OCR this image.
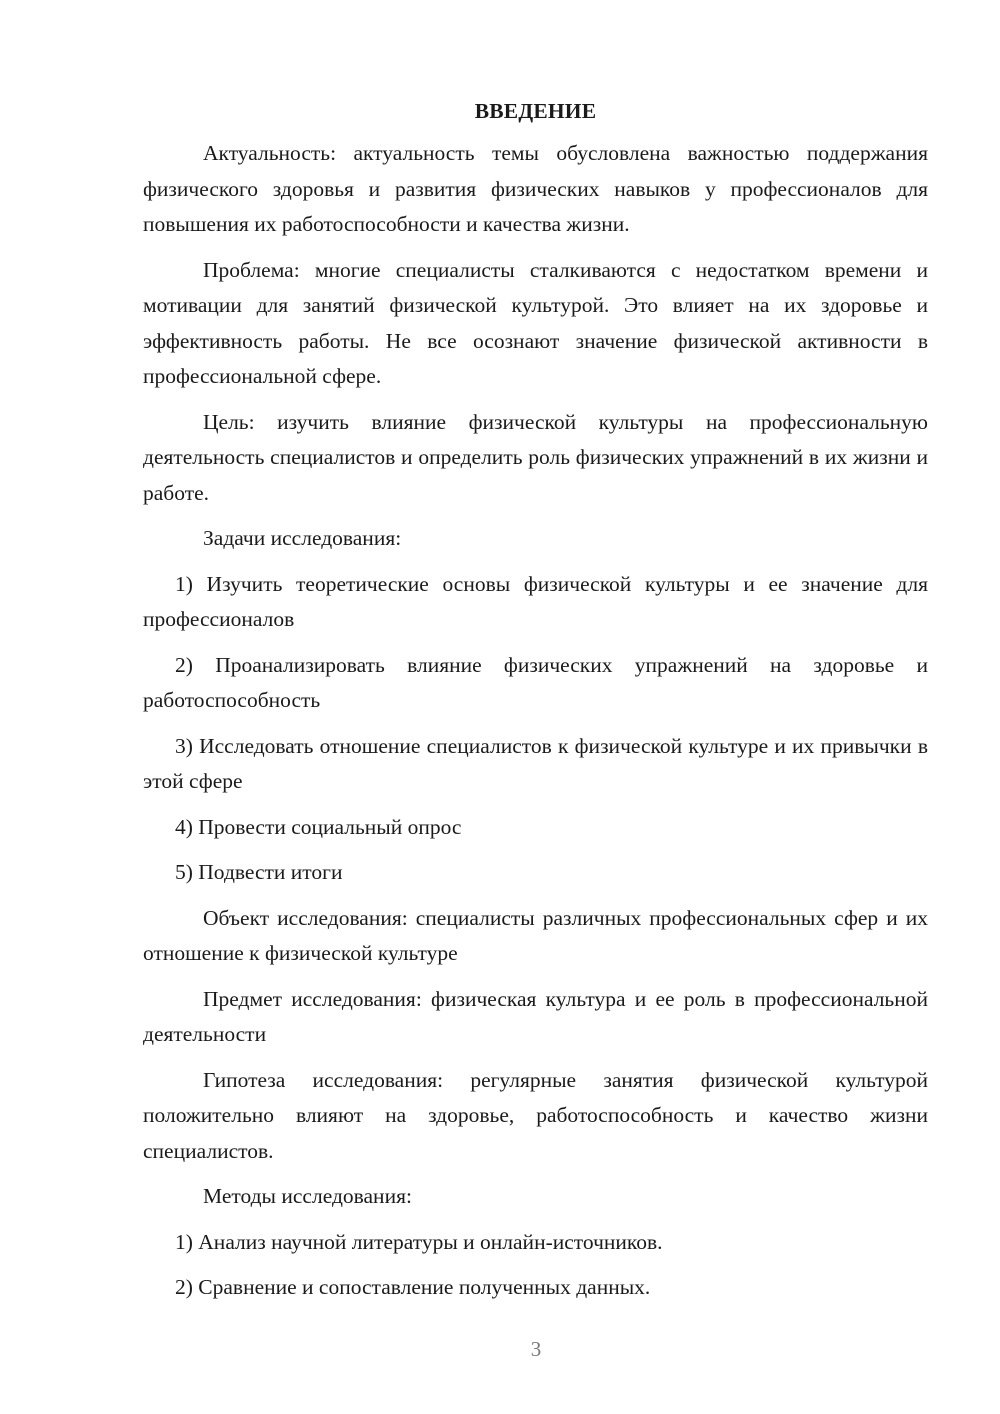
ВВЕДЕНИЕ

Актуальность: актуальность темы обусловлена важностью поддержания физического здоровья и развития физических навыков у профессионалов для повышения их работоспособности и качества жизни.

Проблема: многие специалисты сталкиваются с недостатком времени и мотивации для занятий физической культурой. Это влияет на их здоровье и эффективность работы. Не все осознают значение физической активности в профессиональной сфере.

Цель: изучить влияние физической культуры на профессиональную деятельность специалистов и определить роль физических упражнений в их жизни и работе.

Задачи исследования:

1) Изучить теоретические основы физической культуры и ее значение для профессионалов

2) Проанализировать влияние физических упражнений на здоровье и работоспособность

3) Исследовать отношение специалистов к физической культуре и их привычки в этой сфере

4) Провести социальный опрос

5) Подвести итоги

Объект исследования: специалисты различных профессиональных сфер и их отношение к физической культуре

Предмет исследования: физическая культура и ее роль в профессиональной деятельности

Гипотеза исследования: регулярные занятия физической культурой положительно влияют на здоровье, работоспособность и качество жизни специалистов.

Методы исследования:

1) Анализ научной литературы и онлайн-источников.

2) Сравнение и сопоставление полученных данных.

3
